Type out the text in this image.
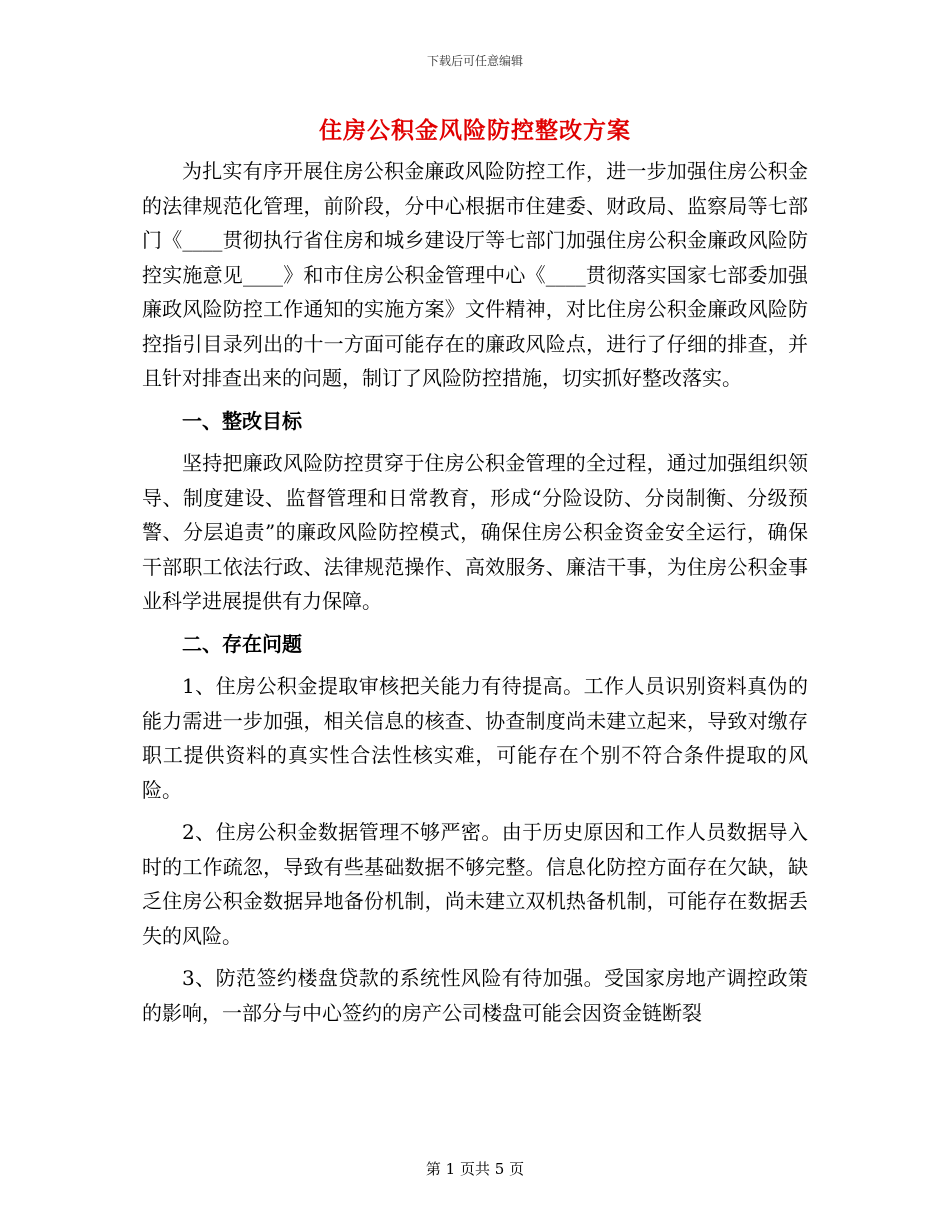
下载后可任意编辑
住房公积金风险防控整改方案

为扎实有序开展住房公积金廉政风险防控工作，进一步加强住房公积金的法律规范化管理，前阶段，分中心根据市住建委、财政局、监察局等七部门《____贯彻执行省住房和城乡建设厅等七部门加强住房公积金廉政风险防控实施意见____》和市住房公积金管理中心《____贯彻落实国家七部委加强廉政风险防控工作通知的实施方案》文件精神，对比住房公积金廉政风险防控指引目录列出的十一方面可能存在的廉政风险点，进行了仔细的排查，并且针对排查出来的问题，制订了风险防控措施，切实抓好整改落实。

一、整改目标

坚持把廉政风险防控贯穿于住房公积金管理的全过程，通过加强组织领导、制度建设、监督管理和日常教育，形成“分险设防、分岗制衡、分级预警、分层追责”的廉政风险防控模式，确保住房公积金资金安全运行，确保干部职工依法行政、法律规范操作、高效服务、廉洁干事，为住房公积金事业科学进展提供有力保障。

二、存在问题

1、住房公积金提取审核把关能力有待提高。工作人员识别资料真伪的能力需进一步加强，相关信息的核查、协查制度尚未建立起来，导致对缴存职工提供资料的真实性合法性核实难，可能存在个别不符合条件提取的风险。

2、住房公积金数据管理不够严密。由于历史原因和工作人员数据导入时的工作疏忽，导致有些基础数据不够完整。信息化防控方面存在欠缺，缺乏住房公积金数据异地备份机制，尚未建立双机热备机制，可能存在数据丢失的风险。

3、防范签约楼盘贷款的系统性风险有待加强。受国家房地产调控政策的影响，一部分与中心签约的房产公司楼盘可能会因资金链断裂

第 1 页共 5 页
